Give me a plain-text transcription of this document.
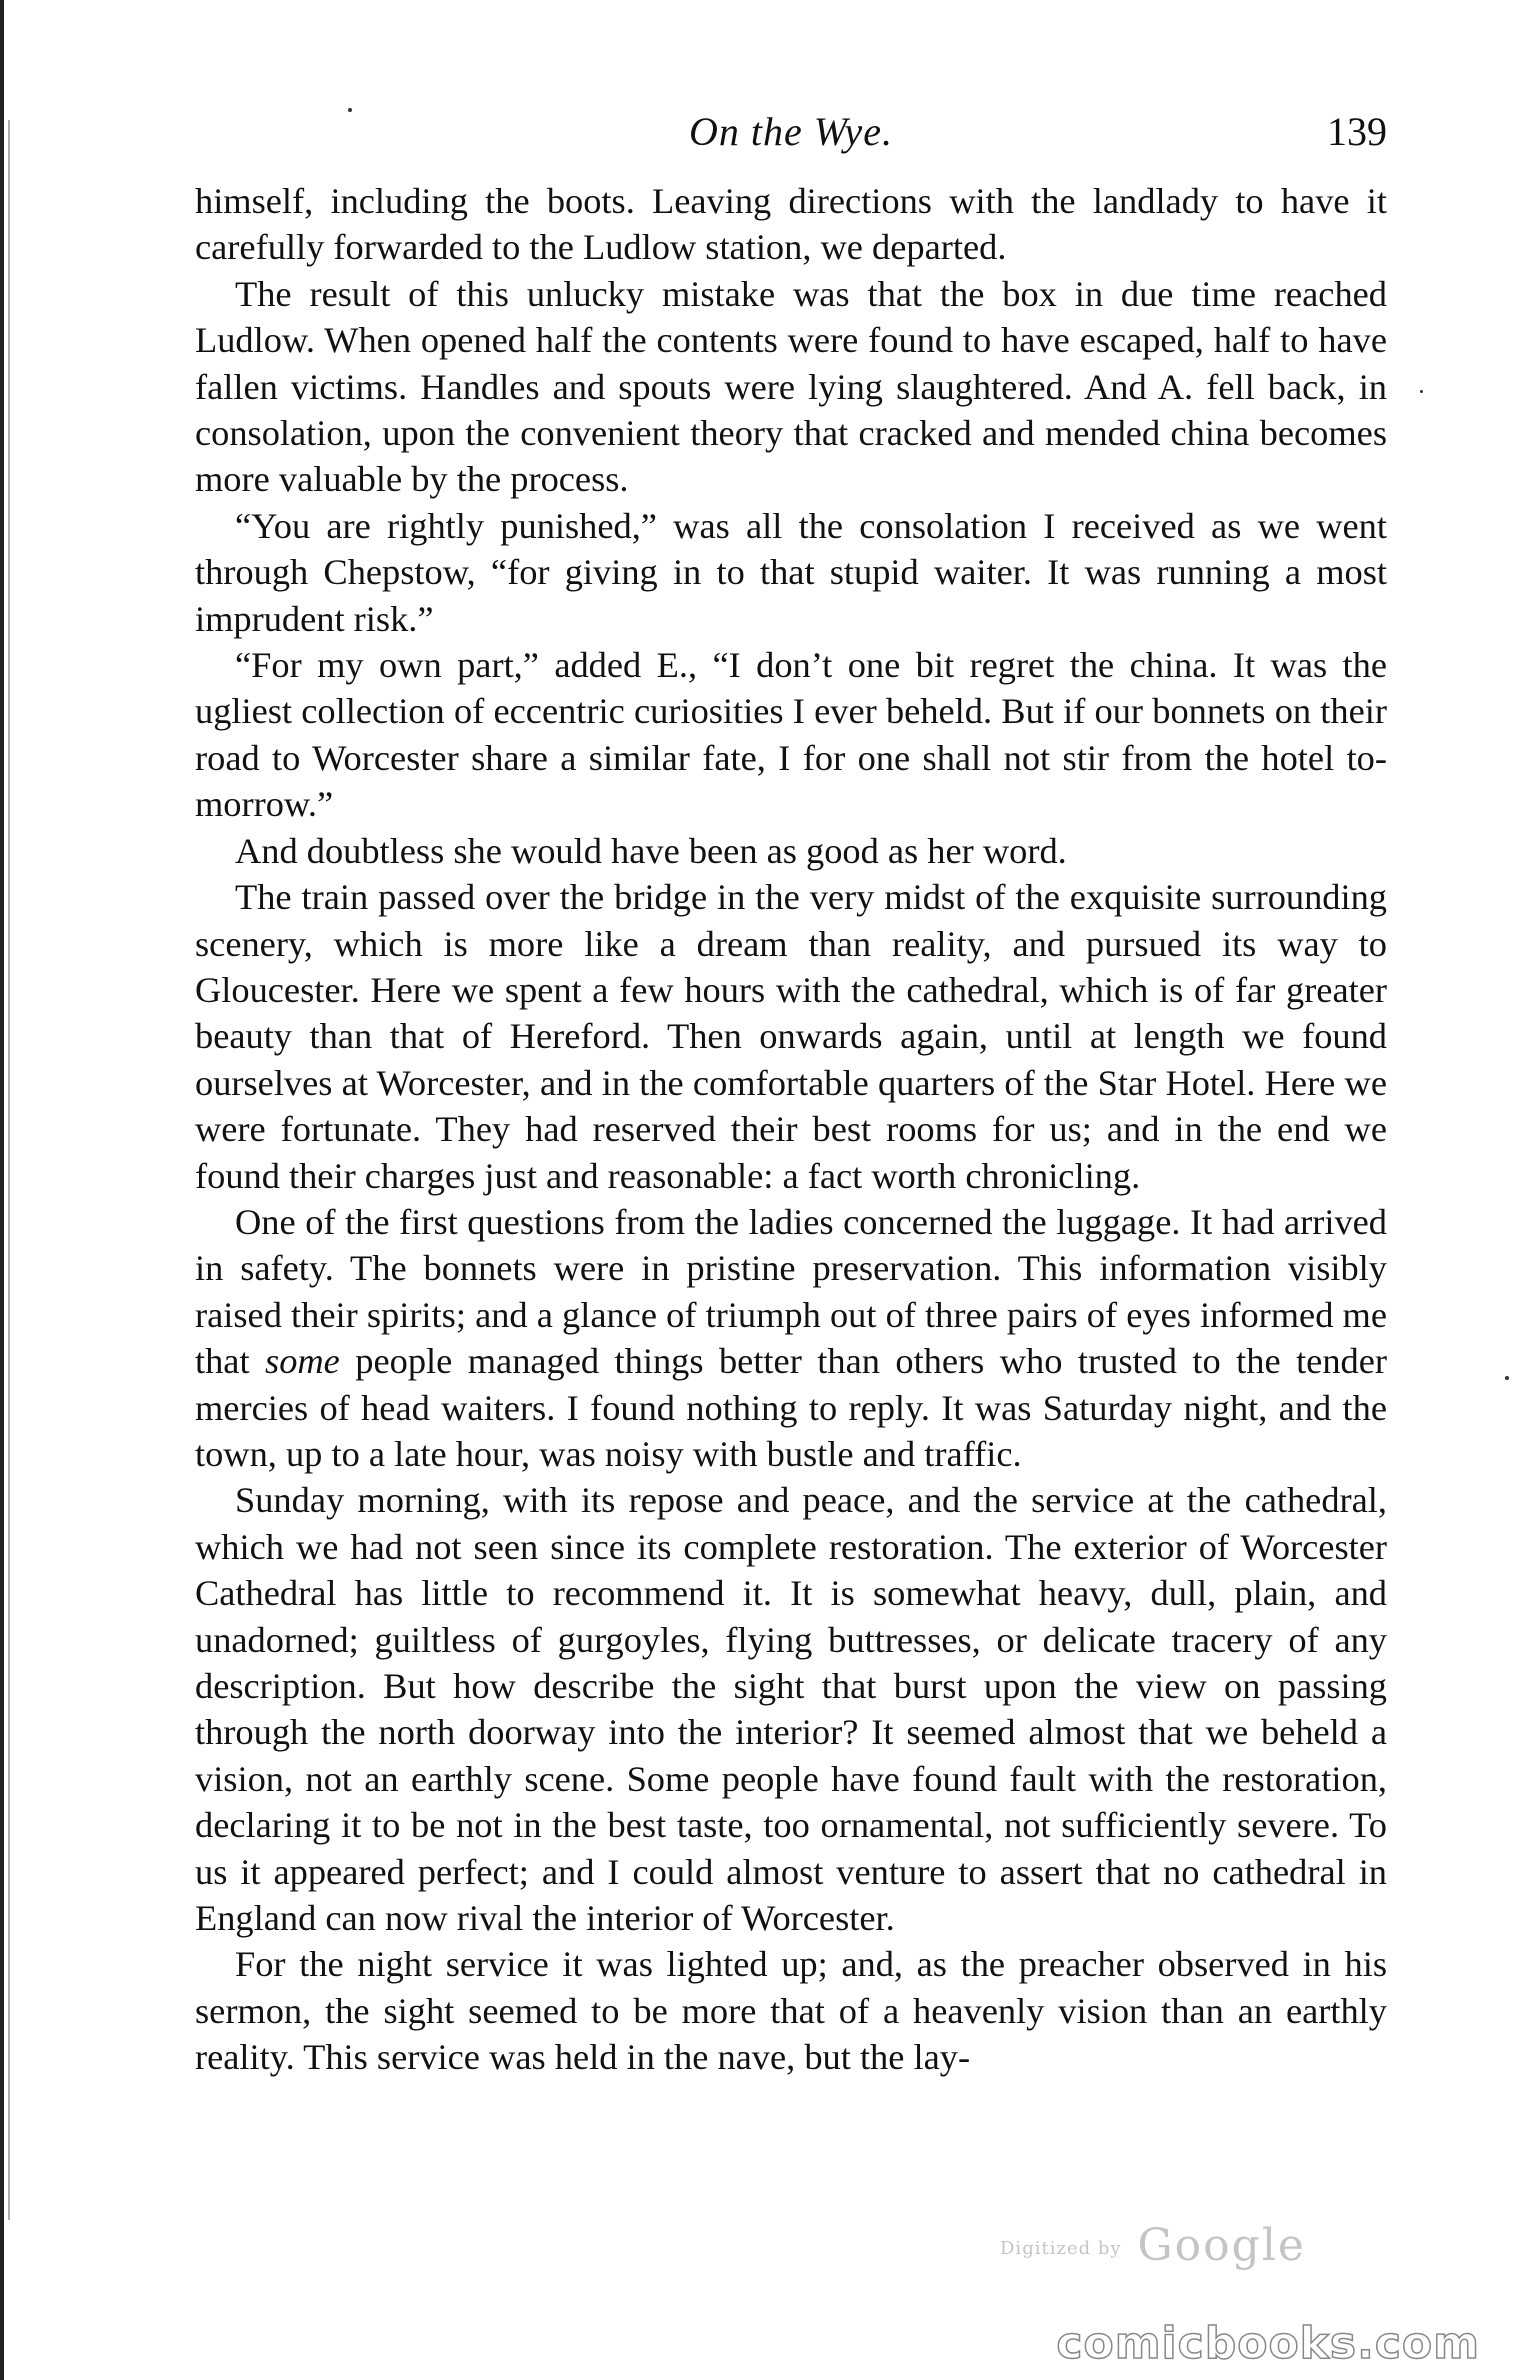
On the Wye.	139

himself, including the boots. Leaving directions with the landlady to have it carefully forwarded to the Ludlow station, we departed.

The result of this unlucky mistake was that the box in due time reached Ludlow. When opened half the contents were found to have escaped, half to have fallen victims. Handles and spouts were lying slaughtered. And A. fell back, in consolation, upon the convenient theory that cracked and mended china becomes more valuable by the process.

“You are rightly punished,” was all the consolation I received as we went through Chepstow, “for giving in to that stupid waiter. It was running a most imprudent risk.”

“For my own part,” added E., “I don’t one bit regret the china. It was the ugliest collection of eccentric curiosities I ever beheld. But if our bonnets on their road to Worcester share a similar fate, I for one shall not stir from the hotel to-morrow.”

And doubtless she would have been as good as her word.

The train passed over the bridge in the very midst of the exquisite surrounding scenery, which is more like a dream than reality, and pursued its way to Gloucester. Here we spent a few hours with the cathedral, which is of far greater beauty than that of Hereford. Then onwards again, until at length we found ourselves at Worcester, and in the comfortable quarters of the Star Hotel. Here we were fortunate. They had reserved their best rooms for us; and in the end we found their charges just and reasonable: a fact worth chronicling.

One of the first questions from the ladies concerned the luggage. It had arrived in safety. The bonnets were in pristine preservation. This information visibly raised their spirits; and a glance of triumph out of three pairs of eyes informed me that some people managed things better than others who trusted to the tender mercies of head waiters. I found nothing to reply. It was Saturday night, and the town, up to a late hour, was noisy with bustle and traffic.

Sunday morning, with its repose and peace, and the service at the cathedral, which we had not seen since its complete restoration. The exterior of Worcester Cathedral has little to recommend it. It is somewhat heavy, dull, plain, and unadorned; guiltless of gurgoyles, flying buttresses, or delicate tracery of any description. But how describe the sight that burst upon the view on passing through the north doorway into the interior? It seemed almost that we beheld a vision, not an earthly scene. Some people have found fault with the restoration, declaring it to be not in the best taste, too ornamental, not sufficiently severe. To us it appeared perfect; and I could almost venture to assert that no cathedral in England can now rival the interior of Worcester.

For the night service it was lighted up; and, as the preacher observed in his sermon, the sight seemed to be more that of a heavenly vision than an earthly reality. This service was held in the nave, but the lay-

Digitized by Google
comicbooks.com
